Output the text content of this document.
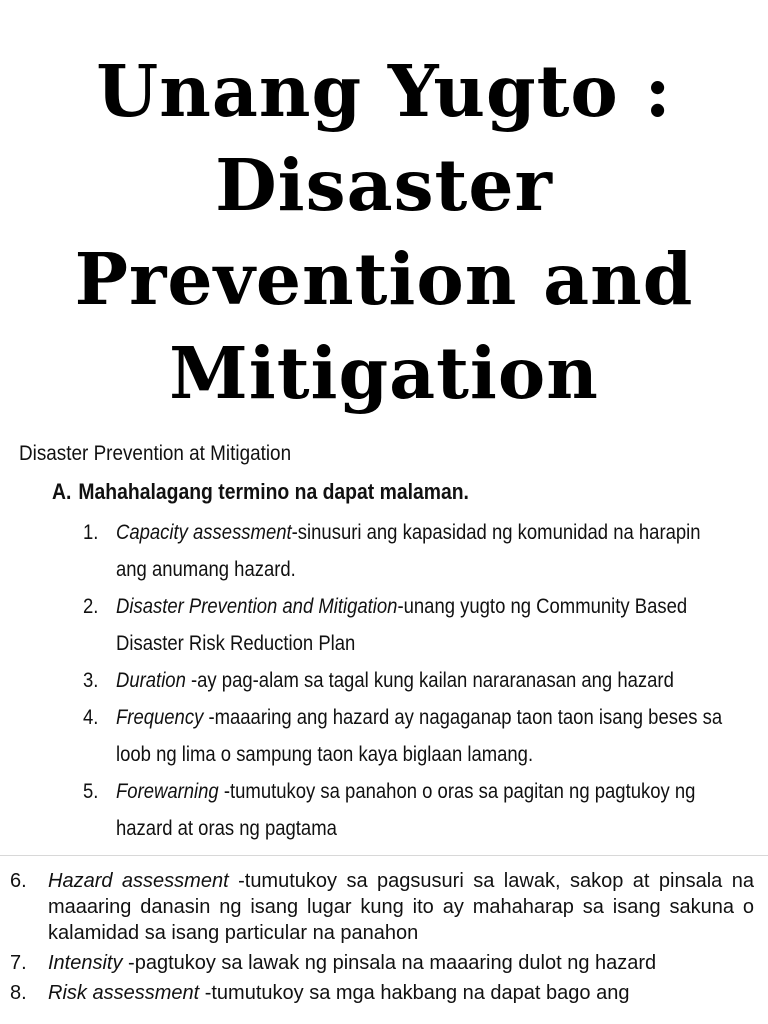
Unang Yugto :
Disaster
Prevention and
Mitigation
Disaster Prevention at Mitigation
A. Mahahalagang termino na dapat malaman.
1. Capacity assessment-sinusuri ang kapasidad ng komunidad na harapin ang anumang hazard.
2. Disaster Prevention and Mitigation-unang yugto ng Community Based Disaster Risk Reduction Plan
3. Duration -ay pag-alam sa tagal kung kailan nararanasan ang hazard
4. Frequency -maaaring ang hazard ay nagaganap taon taon isang beses sa loob ng lima o sampung taon kaya biglaan lamang.
5. Forewarning -tumutukoy sa panahon o oras sa pagitan ng pagtukoy ng hazard at oras ng pagtama
6. Hazard assessment -tumutukoy sa pagsusuri sa lawak, sakop at pinsala na maaaring danasin ng isang lugar kung ito ay mahaharap sa isang sakuna o kalamidad sa isang particular na panahon
7. Intensity -pagtukoy sa lawak ng pinsala na maaaring dulot ng hazard
8. Risk assessment -tumutukoy sa mga hakbang na dapat bago ang
